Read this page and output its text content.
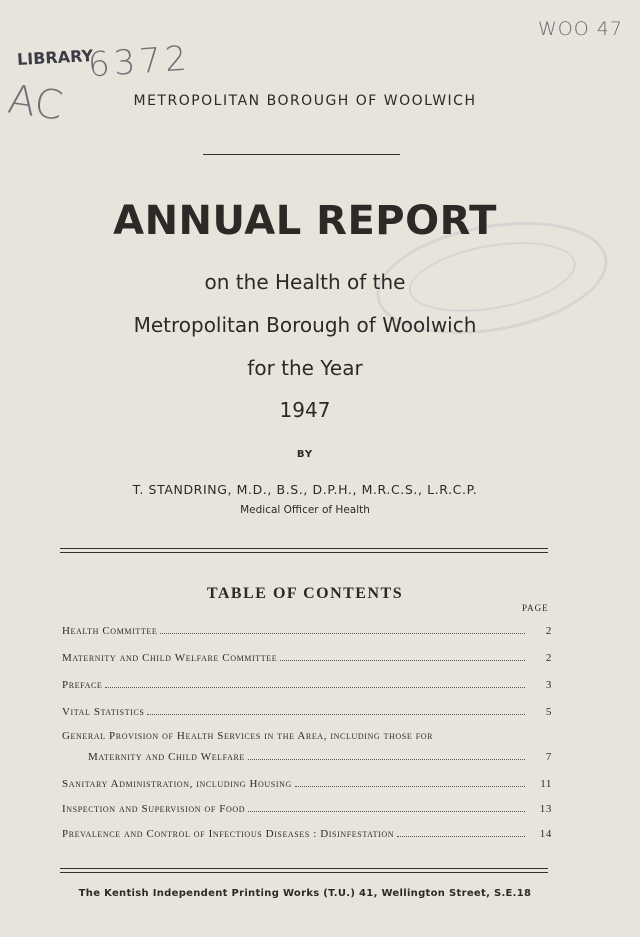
WOO 47
LIBRARY
6372
AC	METROPOLITAN BOROUGH OF WOOLWICH
ANNUAL REPORT
on the Health of the
Metropolitan Borough of Woolwich
for the Year
1947
BY
T. STANDRING, M.D., B.S., D.P.H., M.R.C.S., L.R.C.P.
Medical Officer of Health
TABLE OF CONTENTS
PAGE
Health Committee	2
Maternity and Child Welfare Committee	2
Preface	3
Vital Statistics	5
General Provision of Health Services in the Area, including those for
Maternity and Child Welfare	7
Sanitary Administration, including Housing	11
Inspection and Supervision of Food	13
Prevalence and Control of Infectious Diseases : Disinfestation	14
The Kentish Independent Printing Works (T.U.) 41, Wellington Street, S.E.18
